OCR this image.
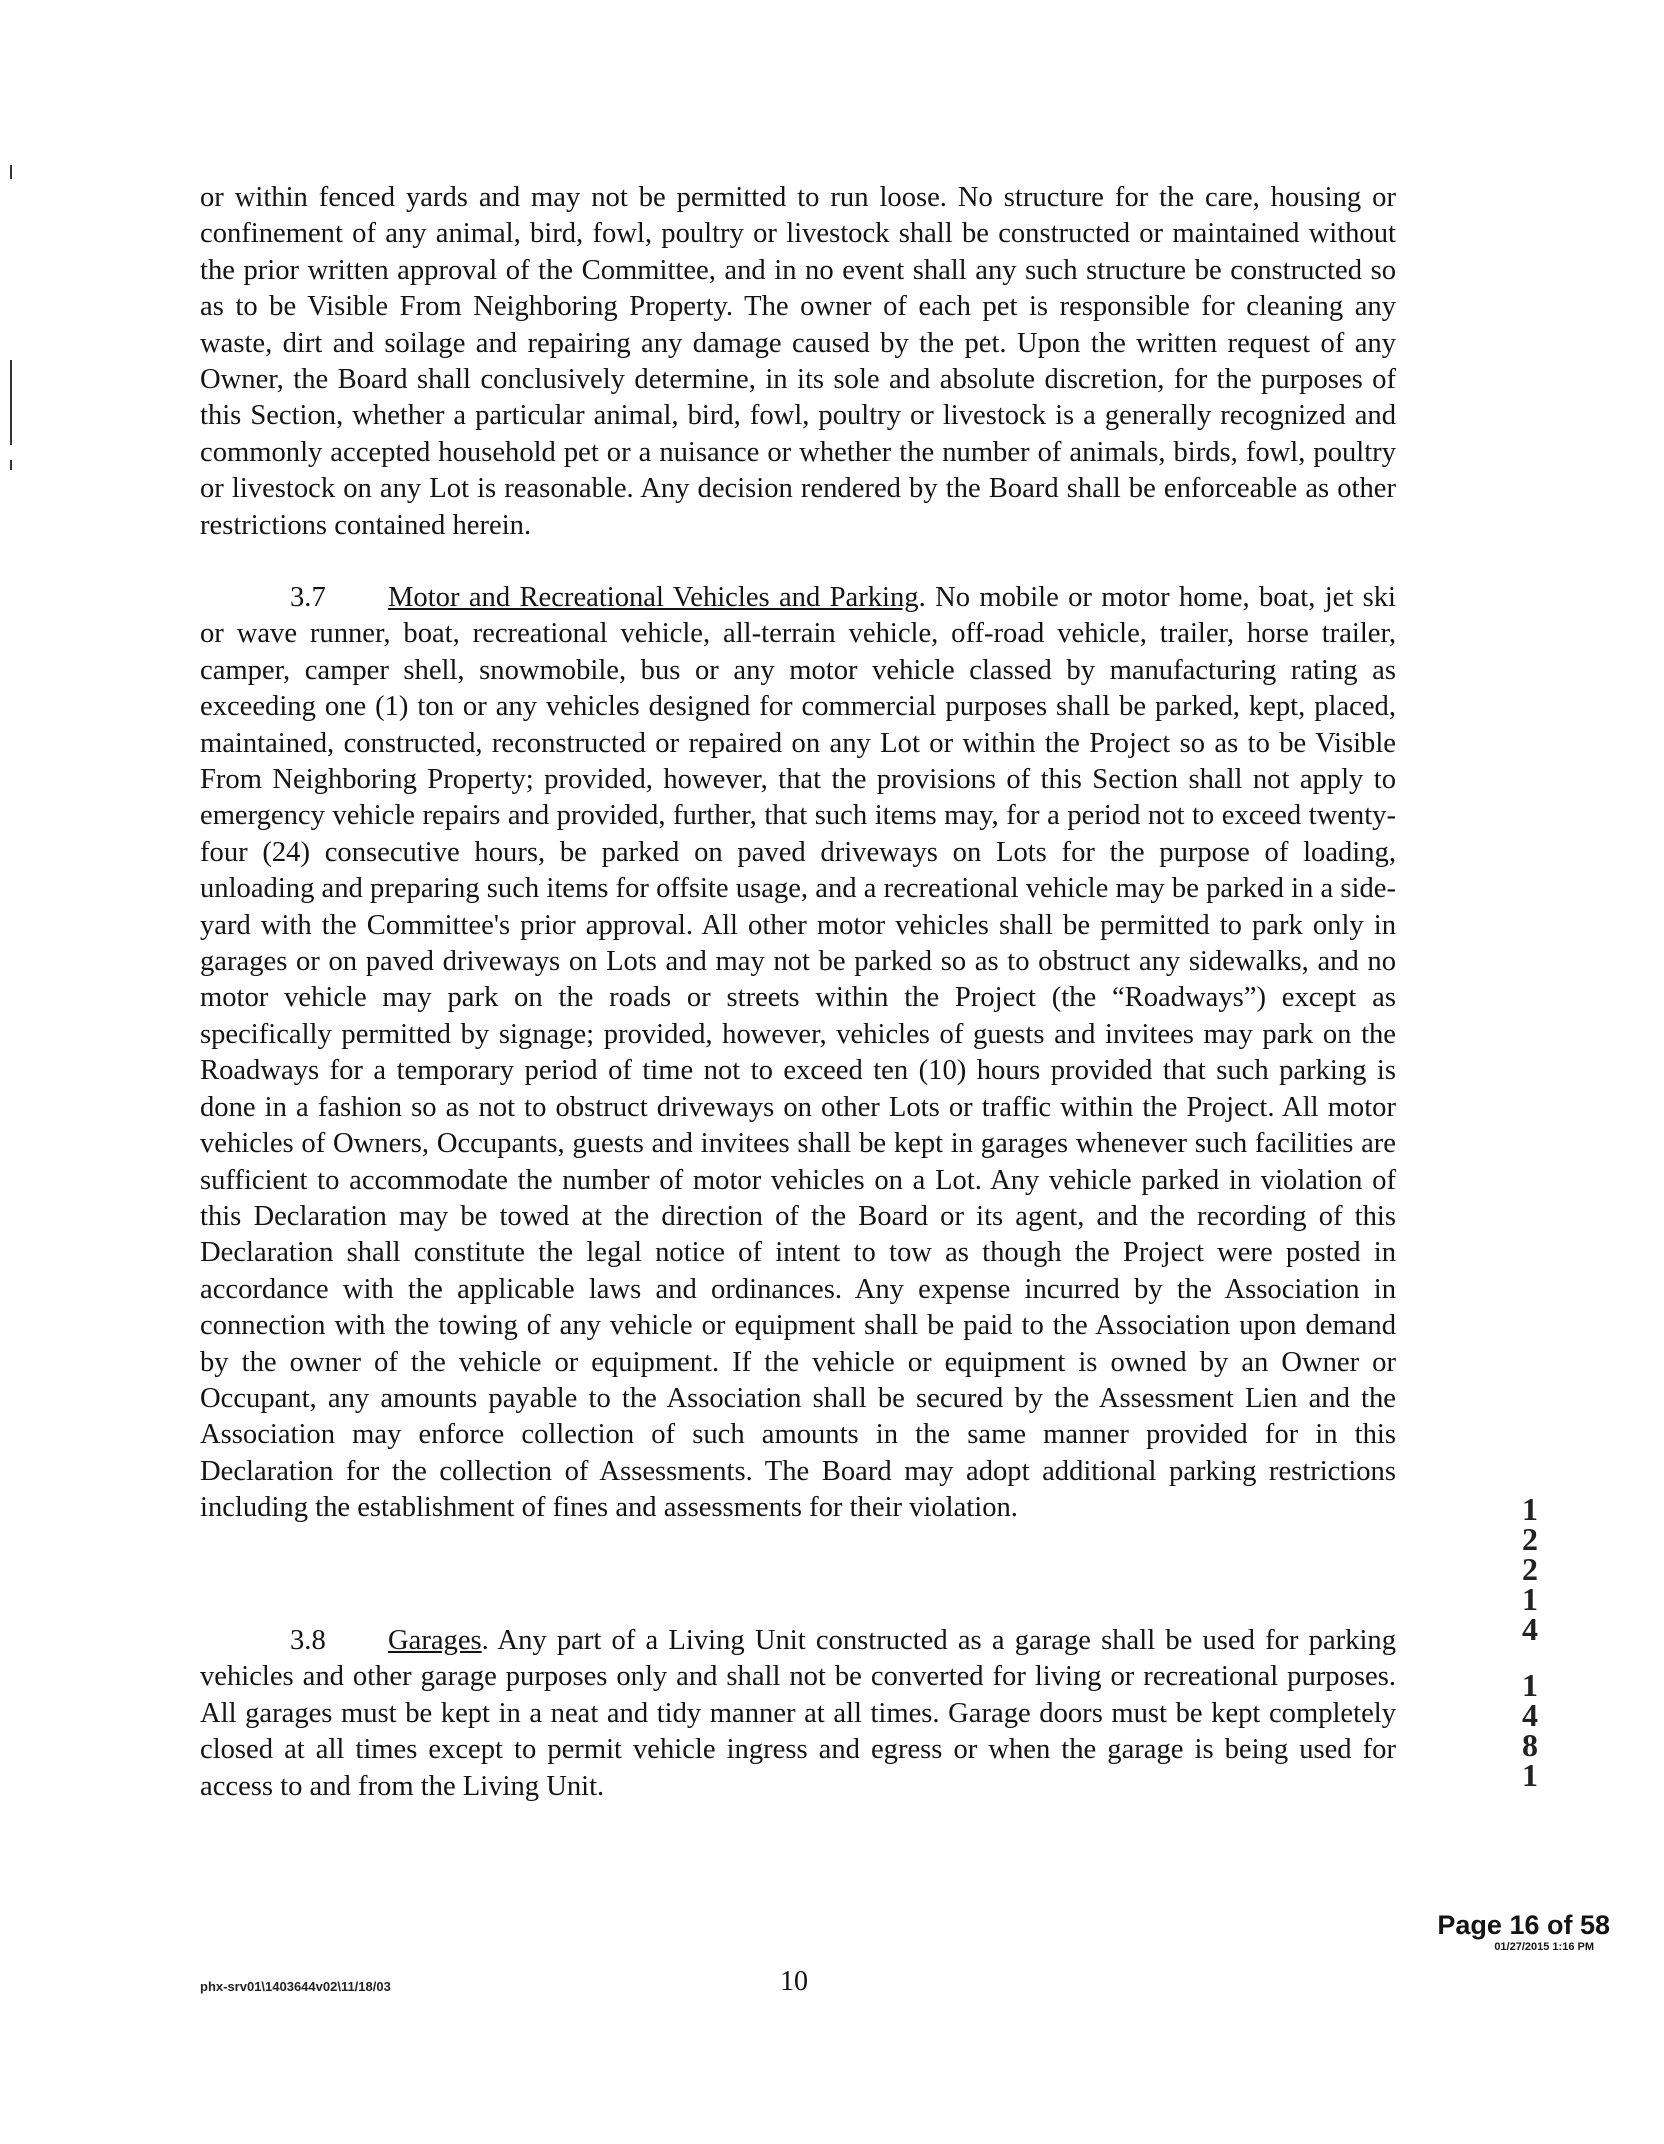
or within fenced yards and may not be permitted to run loose. No structure for the care, housing or confinement of any animal, bird, fowl, poultry or livestock shall be constructed or maintained without the prior written approval of the Committee, and in no event shall any such structure be constructed so as to be Visible From Neighboring Property. The owner of each pet is responsible for cleaning any waste, dirt and soilage and repairing any damage caused by the pet. Upon the written request of any Owner, the Board shall conclusively determine, in its sole and absolute discretion, for the purposes of this Section, whether a particular animal, bird, fowl, poultry or livestock is a generally recognized and commonly accepted household pet or a nuisance or whether the number of animals, birds, fowl, poultry or livestock on any Lot is reasonable. Any decision rendered by the Board shall be enforceable as other restrictions contained herein.

3.7 Motor and Recreational Vehicles and Parking. No mobile or motor home, boat, jet ski or wave runner, boat, recreational vehicle, all-terrain vehicle, off-road vehicle, trailer, horse trailer, camper, camper shell, snowmobile, bus or any motor vehicle classed by manufacturing rating as exceeding one (1) ton or any vehicles designed for commercial purposes shall be parked, kept, placed, maintained, constructed, reconstructed or repaired on any Lot or within the Project so as to be Visible From Neighboring Property; provided, however, that the provisions of this Section shall not apply to emergency vehicle repairs and provided, further, that such items may, for a period not to exceed twenty-four (24) consecutive hours, be parked on paved driveways on Lots for the purpose of loading, unloading and preparing such items for offsite usage, and a recreational vehicle may be parked in a side-yard with the Committee's prior approval. All other motor vehicles shall be permitted to park only in garages or on paved driveways on Lots and may not be parked so as to obstruct any sidewalks, and no motor vehicle may park on the roads or streets within the Project (the “Roadways”) except as specifically permitted by signage; provided, however, vehicles of guests and invitees may park on the Roadways for a temporary period of time not to exceed ten (10) hours provided that such parking is done in a fashion so as not to obstruct driveways on other Lots or traffic within the Project. All motor vehicles of Owners, Occupants, guests and invitees shall be kept in garages whenever such facilities are sufficient to accommodate the number of motor vehicles on a Lot. Any vehicle parked in violation of this Declaration may be towed at the direction of the Board or its agent, and the recording of this Declaration shall constitute the legal notice of intent to tow as though the Project were posted in accordance with the applicable laws and ordinances. Any expense incurred by the Association in connection with the towing of any vehicle or equipment shall be paid to the Association upon demand by the owner of the vehicle or equipment. If the vehicle or equipment is owned by an Owner or Occupant, any amounts payable to the Association shall be secured by the Assessment Lien and the Association may enforce collection of such amounts in the same manner provided for in this Declaration for the collection of Assessments. The Board may adopt additional parking restrictions including the establishment of fines and assessments for their violation.

3.8 Garages. Any part of a Living Unit constructed as a garage shall be used for parking vehicles and other garage purposes only and shall not be converted for living or recreational purposes. All garages must be kept in a neat and tidy manner at all times. Garage doors must be kept completely closed at all times except to permit vehicle ingress and egress or when the garage is being used for access to and from the Living Unit.

1
2
2
1
4
1
4
8
1
Page 16 of 58
01/27/2015 1:16 PM
phx-srv01\1403644v02\11/18/03	10
